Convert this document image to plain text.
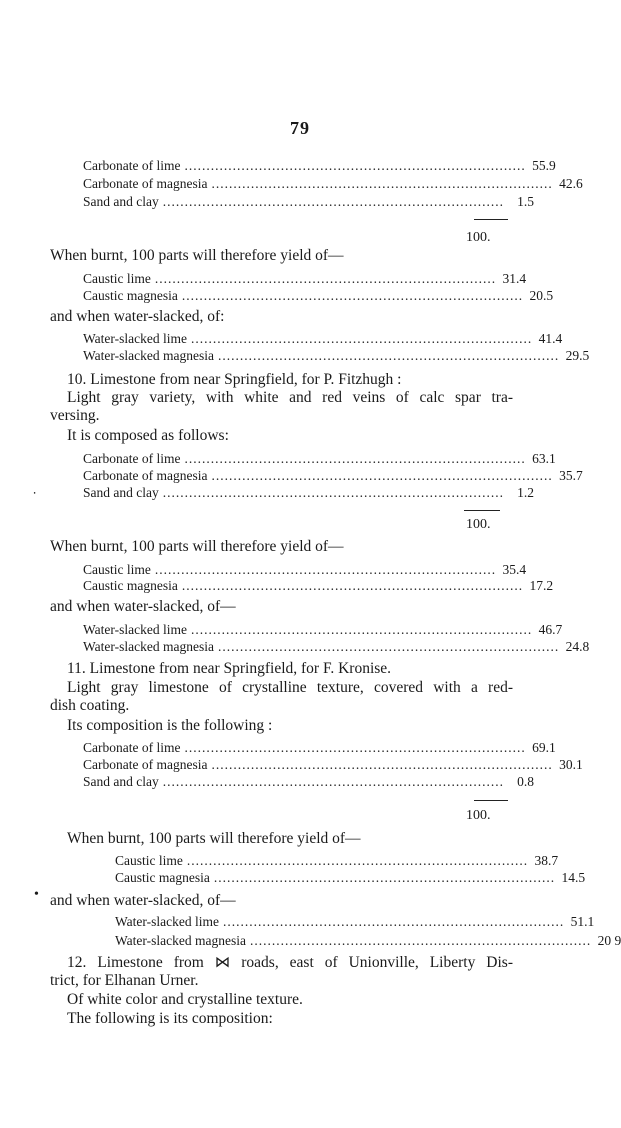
79
Carbonate of lime .............................................................................. 55.9
Carbonate of magnesia .............................................................................. 42.6
Sand and clay .............................................................................. 1.5
100.
When burnt, 100 parts will therefore yield of—
Caustic lime .............................................................................. 31.4
Caustic magnesia .............................................................................. 20.5
and when water-slacked, of:
Water-slacked lime .............................................................................. 41.4
Water-slacked magnesia .............................................................................. 29.5
10. Limestone from near Springfield, for P. Fitzhugh :
Light gray variety, with white and red veins of calc spar tra-
versing.
It is composed as follows:
Carbonate of lime .............................................................................. 63.1
Carbonate of magnesia .............................................................................. 35.7
Sand and clay .............................................................................. 1.2
⸳
100.
When burnt, 100 parts will therefore yield of—
Caustic lime .............................................................................. 35.4
Caustic magnesia .............................................................................. 17.2
and when water-slacked, of—
Water-slacked lime .............................................................................. 46.7
Water-slacked magnesia .............................................................................. 24.8
11. Limestone from near Springfield, for F. Kronise.
Light gray limestone of crystalline texture, covered with a red-
dish coating.
Its composition is the following :
Carbonate of lime .............................................................................. 69.1
Carbonate of magnesia .............................................................................. 30.1
Sand and clay .............................................................................. 0.8
100.
When burnt, 100 parts will therefore yield of—
Caustic lime .............................................................................. 38.7
Caustic magnesia .............................................................................. 14.5
• and when water-slacked, of—
Water-slacked lime .............................................................................. 51.1
Water-slacked magnesia .............................................................................. 20 9
12. Limestone from ⋈ roads, east of Unionville, Liberty Dis-
trict, for Elhanan Urner.
Of white color and crystalline texture.
The following is its composition:
